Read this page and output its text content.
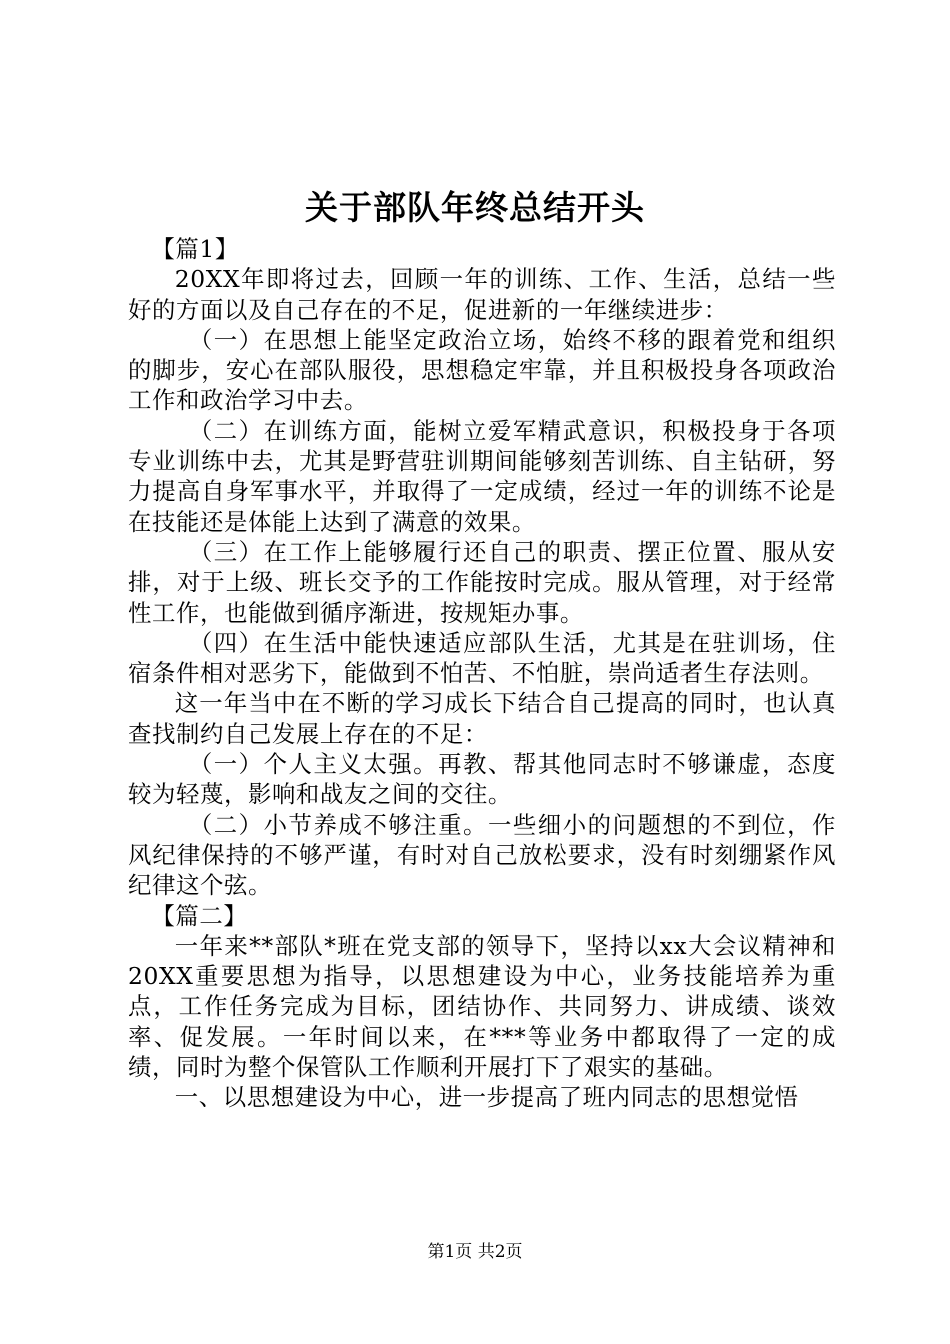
关于部队年终总结开头

【篇1】

20XX年即将过去，回顾一年的训练、工作、生活，总结一些好的方面以及自己存在的不足，促进新的一年继续进步：

（一）在思想上能坚定政治立场，始终不移的跟着党和组织的脚步，安心在部队服役，思想稳定牢靠，并且积极投身各项政治工作和政治学习中去。

（二）在训练方面，能树立爱军精武意识，积极投身于各项专业训练中去，尤其是野营驻训期间能够刻苦训练、自主钻研，努力提高自身军事水平，并取得了一定成绩，经过一年的训练不论是在技能还是体能上达到了满意的效果。

（三）在工作上能够履行还自己的职责、摆正位置、服从安排，对于上级、班长交予的工作能按时完成。服从管理，对于经常性工作，也能做到循序渐进，按规矩办事。

（四）在生活中能快速适应部队生活，尤其是在驻训场，住宿条件相对恶劣下，能做到不怕苦、不怕脏，崇尚适者生存法则。

这一年当中在不断的学习成长下结合自己提高的同时，也认真查找制约自己发展上存在的不足：

（一）个人主义太强。再教、帮其他同志时不够谦虚，态度较为轻蔑，影响和战友之间的交往。

（二）小节养成不够注重。一些细小的问题想的不到位，作风纪律保持的不够严谨，有时对自己放松要求，没有时刻绷紧作风纪律这个弦。

【篇二】

一年来**部队*班在党支部的领导下，坚持以xx大会议精神和20XX重要思想为指导，以思想建设为中心，业务技能培养为重点，工作任务完成为目标，团结协作、共同努力、讲成绩、谈效率、促发展。一年时间以来，在***等业务中都取得了一定的成绩，同时为整个保管队工作顺利开展打下了艰实的基础。

一、以思想建设为中心，进一步提高了班内同志的思想觉悟

第1页 共2页
